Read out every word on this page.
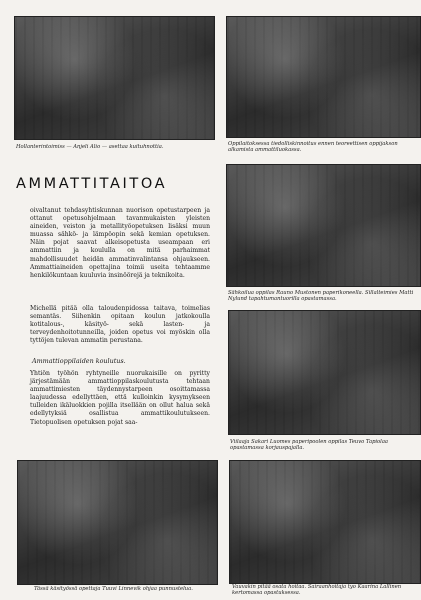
Hollanterintoimiss — Anjeli Alio — asettaa kuituhnottia.	Oppilaitoksessa tiedolliskinnoitus ennen teoreettisen oppijakson alkamista ammattiluokassa.
Sähkoilua oppilas Rauno Mustonen paperikoneella. Sillalteimies Matti Nylund tapahtumantuorilla opastamassa.
Viilaaja Sakari Luomes paperipoolen oppilas Teuvo Tapiolaa opastamassa korjauspajalla.
Tässä käsityössä opettaja Tuuvi Linnevik ohjaa punnustelua.	Vauvakin pitää osata hoitaa. Sairaanhoitaja tyo Kaarina Lallinen kertomassa opastuksessa.
AMMATTITAITOA

oivaltanut tehdasyhtiskunnan nuorison opetustarpeen ja ottanut opetusohjelmaan tavanmukaisten yleisten aineiden, veiston ja metallityöopetuksen lisäksi muun muassa sähkö- ja lämpöopin sekä kemian opetuksen. Näin pojat saavat alkeisopetusta useampaan eri ammattiin ja koululla on mitä parhaimmat mahdollisuudet heidän ammatinvalintansa ohjaukseen. Ammattiaineiden opettajina toimii useita tehtaamme henkilökuntaan kuuluvia insinöörejä ja teknikoita.

Michellä pitää olla taloudenpidossa taitava, toimelias semantäs. Siihenkin opitaan koulun jatkokoulla kotitalous-, käsityö- sekä lasten- ja terveydenhoitotunneilla, joiden opetus voi myöskin olla tyttöjen tulevan ammatin perustana.

Ammattioppilaiden koulutus.

Yhtiön työhön ryhtyneille nuorukaisille on pyritty järjestämään ammattioppilaskoulutusta tehtaan ammattimiesten täydennystarpeen osoittamassa laajuudessa edellyttäen, että kulloinkin kysymykseen tulleiden ikäluokkien pojilla itsellään on ollut halua sekä edellytyksiä osallistua ammattikoulutukseen. Tietopuolisen opetuksen pojat saa-
